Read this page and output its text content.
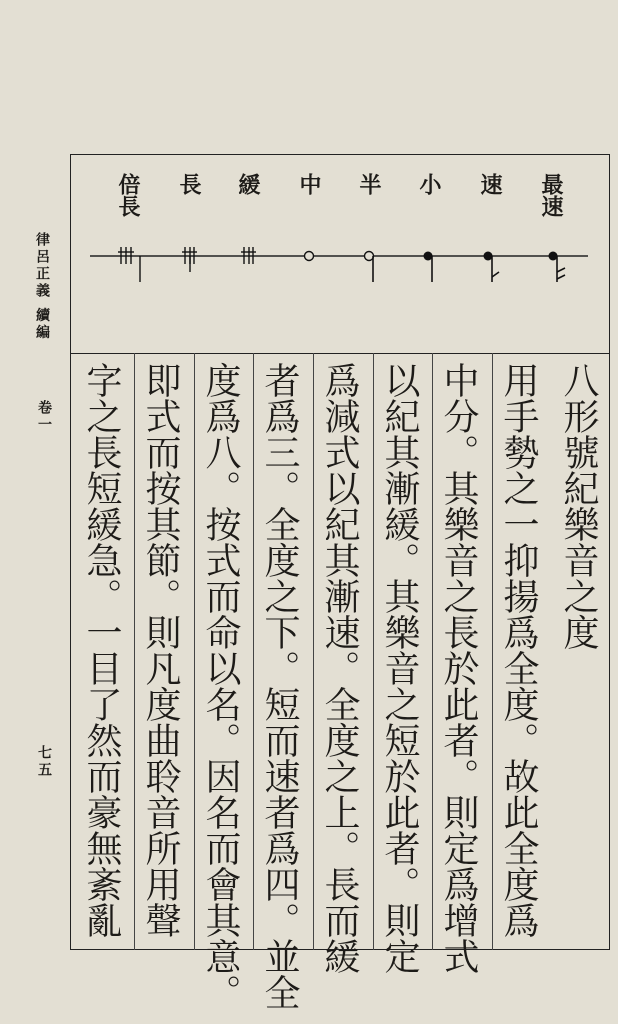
律呂正義 續編
卷一
七五
最速
速
小
半
中
緩
長
倍長
八形號紀樂音之度
用手勢之一抑揚爲全度。故此全度爲
中分。其樂音之長於此者。則定爲增式
以紀其漸緩。其樂音之短於此者。則定
爲減式以紀其漸速。全度之上。長而緩
者爲三。全度之下。短而速者爲四。並全
度爲八。按式而命以名。因名而會其意。
即式而按其節。則凡度曲聆音所用聲
字之長短緩急。一目了然而豪無紊亂
